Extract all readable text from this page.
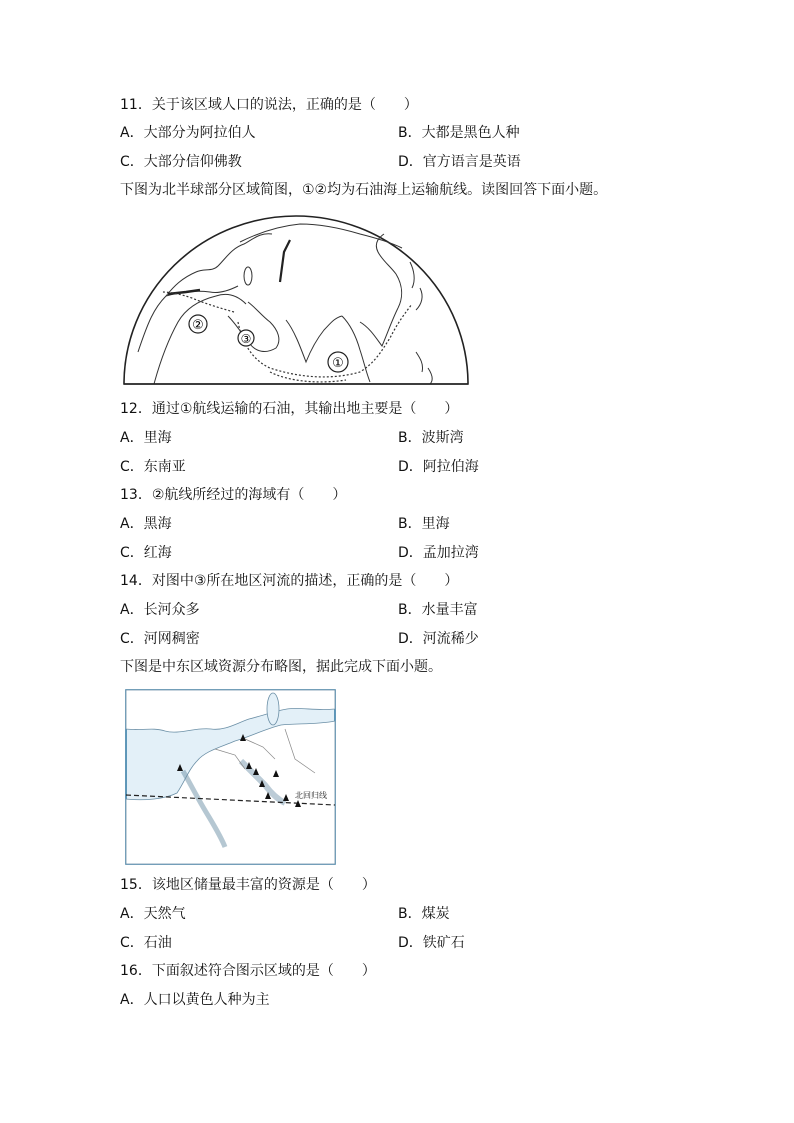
11．关于该区域人口的说法，正确的是（　　）
A．大部分为阿拉伯人	B．大都是黑色人种
C．大部分信仰佛教	D．官方语言是英语
下图为北半球部分区域简图，①②均为石油海上运输航线。读图回答下面小题。
①
②
③
12．通过①航线运输的石油，其输出地主要是（　　）
A．里海	B．波斯湾
C．东南亚	D．阿拉伯海
13．②航线所经过的海域有（　　）
A．黑海	B．里海
C．红海	D．孟加拉湾
14．对图中③所在地区河流的描述，正确的是（　　）
A．长河众多	B．水量丰富
C．河网稠密	D．河流稀少
下图是中东区域资源分布略图，据此完成下面小题。
北回归线
15．该地区储量最丰富的资源是（　　）
A．天然气	B．煤炭
C．石油	D．铁矿石
16．下面叙述符合图示区域的是（　　）
A．人口以黄色人种为主
